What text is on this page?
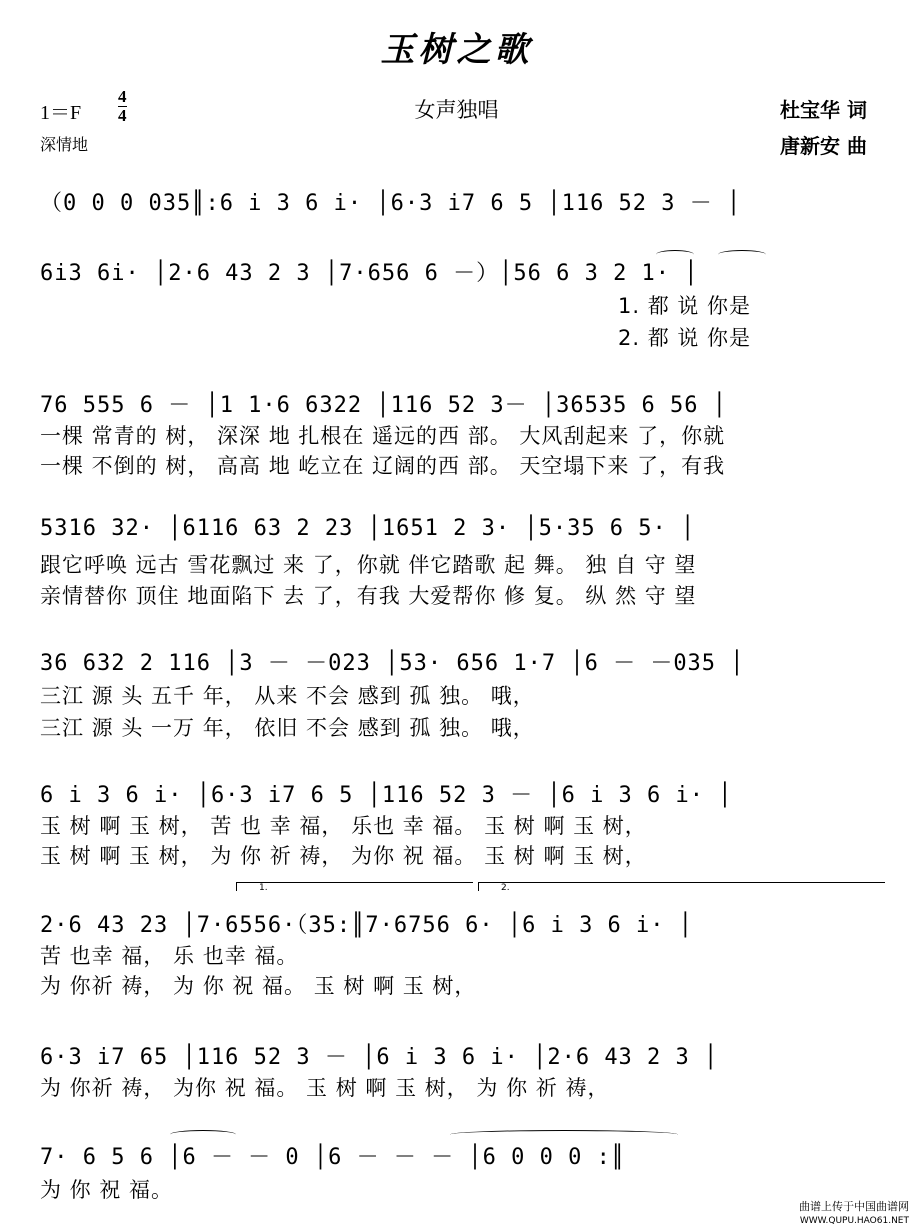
玉树之歌
1＝F
4
4	女声独唱	杜宝华 词
唐新安 曲
深情地
（0 0 0 035║:6 i 3 6 i· │6·3 i7 6 5 │116 52 3 － │
6i3 6i· │2·6 43 2 3 │7·656 6 －）│56 6 3 2 1· │
1. 都 说 你是
2. 都 说 你是
76 555 6 － │1 1·6 6322 │116 52 3－ │36535 6 56 │
一棵 常青的 树， 深深 地 扎根在 遥远的西 部。 大风刮起来 了，你就
一棵 不倒的 树， 高高 地 屹立在 辽阔的西 部。 天空塌下来 了，有我
5316 32· │6116 63 2 23 │1651 2 3· │5·35 6 5· │
跟它呼唤 远古 雪花飘过 来 了，你就 伴它踏歌 起 舞。 独 自 守 望
亲情替你 顶住 地面陷下 去 了，有我 大爱帮你 修 复。 纵 然 守 望
36 632 2 116 │3 － －023 │53· 656 1·7 │6 － －035 │
三江 源 头 五千 年， 从来 不会 感到 孤 独。 哦，
三江 源 头 一万 年， 依旧 不会 感到 孤 独。 哦，
6 i 3 6 i· │6·3 i7 6 5 │116 52 3 － │6 i 3 6 i· │
玉 树 啊 玉 树， 苦 也 幸 福， 乐也 幸 福。 玉 树 啊 玉 树，
玉 树 啊 玉 树， 为 你 祈 祷， 为你 祝 福。 玉 树 啊 玉 树，
1.	2.
2·6 43 23 │7·6556·（35:║7·6756 6· │6 i 3 6 i· │
苦 也幸 福， 乐 也幸 福。
为 你祈 祷， 为 你 祝 福。 玉 树 啊 玉 树，
6·3 i7 65 │116 52 3 － │6 i 3 6 i· │2·6 43 2 3 │
为 你祈 祷， 为你 祝 福。 玉 树 啊 玉 树， 为 你 祈 祷，
7· 6 5 6 │6 － － 0 │6 － － － │6 0 0 0 :║
为 你 祝 福。
曲谱上传于中国曲谱网
WWW.QUPU.HAO61.NET
